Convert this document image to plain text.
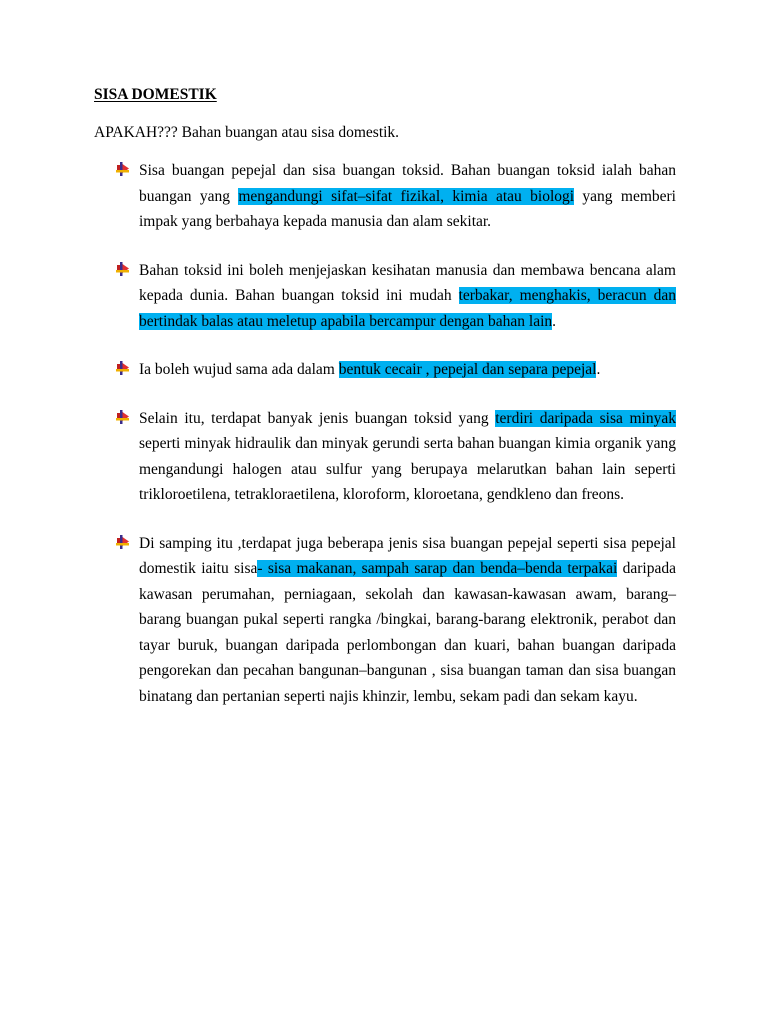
SISA DOMESTIK
APAKAH??? Bahan buangan atau sisa domestik.

Sisa buangan pepejal dan sisa buangan toksid. Bahan buangan toksid ialah bahan buangan yang mengandungi sifat–sifat fizikal, kimia atau biologi yang memberi impak yang berbahaya kepada manusia dan alam sekitar.

Bahan toksid ini boleh menjejaskan kesihatan manusia dan membawa bencana alam kepada dunia. Bahan buangan toksid ini mudah terbakar, menghakis, beracun dan bertindak balas atau meletup apabila bercampur dengan bahan lain.

Ia boleh wujud sama ada dalam bentuk cecair , pepejal dan separa pepejal.

Selain itu, terdapat banyak jenis buangan toksid yang terdiri daripada sisa minyak seperti minyak hidraulik dan minyak gerundi serta bahan buangan kimia organik yang mengandungi halogen atau sulfur yang berupaya melarutkan bahan lain seperti trikloroetilena, tetrakloraetilena, kloroform, kloroetana, gendkleno dan freons.

Di samping itu ,terdapat juga beberapa jenis sisa buangan pepejal seperti sisa pepejal domestik iaitu sisa- sisa makanan, sampah sarap dan benda–benda terpakai daripada kawasan perumahan, perniagaan, sekolah dan kawasan-kawasan awam, barang–barang buangan pukal seperti rangka /bingkai, barang-barang elektronik, perabot dan tayar buruk, buangan daripada perlombongan dan kuari, bahan buangan daripada pengorekan dan pecahan bangunan–bangunan , sisa buangan taman dan sisa buangan binatang dan pertanian seperti najis khinzir, lembu, sekam padi dan sekam kayu.
